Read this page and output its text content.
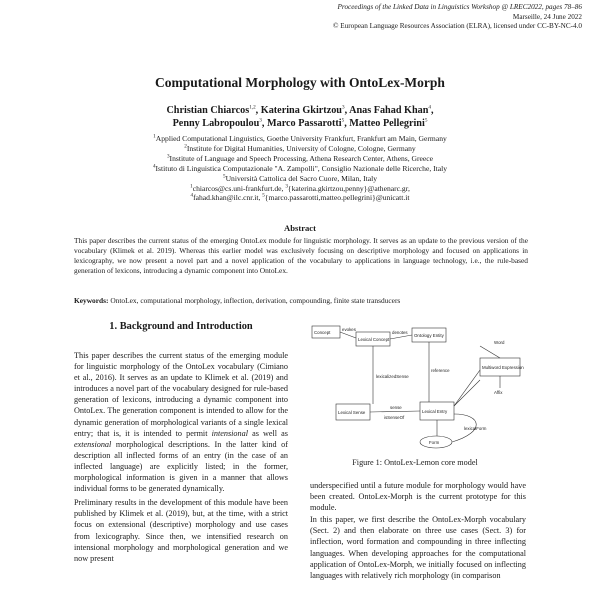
Proceedings of the Linked Data in Linguistics Workshop @ LREC2022, pages 78–86
Marseille, 24 June 2022
© European Language Resources Association (ELRA), licensed under CC-BY-NC-4.0
Computational Morphology with OntoLex-Morph
Christian Chiarcos$^{1,2}$, Katerina Gkirtzou$^3$, Anas Fahad Khan$^4$,
Penny Labropoulou$^3$, Marco Passarotti$^5$, Matteo Pellegrini$^5$
$^1$Applied Computational Linguistics, Goethe University Frankfurt, Frankfurt am Main, Germany
$^2$Institute for Digital Humanities, University of Cologne, Cologne, Germany
$^3$Institute of Language and Speech Processing, Athena Research Center, Athens, Greece
$^4$Istituto di Linguistica Computazionale "A. Zampolli", Consiglio Nazionale delle Ricerche, Italy
$^5$Università Cattolica del Sacro Cuore, Milan, Italy
$^1$chiarcos@cs.uni-frankfurt.de, $^3${katerina.gkirtzou,penny}@athenarc.gr,
$^4$fahad.khan@ilc.cnr.it, $^5${marco.passarotti,matteo.pellegrini}@unicatt.it
Abstract
This paper describes the current status of the emerging OntoLex module for linguistic morphology. It serves as an update to the previous version of the vocabulary (Klimek et al. 2019). Whereas this earlier model was exclusively focusing on descriptive morphology and focused on applications in lexicography, we now present a novel part and a novel application of the vocabulary to applications in language technology, i.e., the rule-based generation of lexicons, introducing a dynamic component into OntoLex.
Keywords: OntoLex, computational morphology, inflection, derivation, compounding, finite state transducers
1. Background and Introduction

This paper describes the current status of the emerging module for linguistic morphology of the OntoLex vocabulary (Cimiano et al., 2016). It serves as an update to Klimek et al. (2019) and introduces a novel part of the vocabulary designed for rule-based generation of lexicons, introducing a dynamic component into OntoLex. The generation component is intended to allow for the dynamic generation of morphological variants of a single lexical entry; that is, it is intended to permit intensional as well as extensional morphological descriptions. In the latter kind of description all inflected forms of an entry (in the case of an inflected language) are explicitly listed; in the former, morphological information is given in a manner that allows individual forms to be generated dynamically.

Preliminary results in the development of this module have been published by Klimek et al. (2019), but, at the time, with a strict focus on extensional (descriptive) morphology and use cases from lexicography. Since then, we intensified research on intensional morphology and morphological generation and we now present

Concept
Lexical Concept
Word
Multiword Expression
Affix
Lexical Sense	Lexical Entry
Ontology Entity
Form
evokes
lexicalizedSense
denotes
sense
reference
isSenseOf
lexicalForm
Figure 1: OntoLex-Lemon core model

underspecified until a future module for morphology would have been created. OntoLex-Morph is the current prototype for this module.

In this paper, we first describe the OntoLex-Morph vocabulary (Sect. 2) and then elaborate on three use cases (Sect. 3) for inflection, word formation and compounding in three inflecting languages. When developing approaches for the computational application of OntoLex-Morph, we initially focused on inflecting languages with relatively rich morphology (in comparison
